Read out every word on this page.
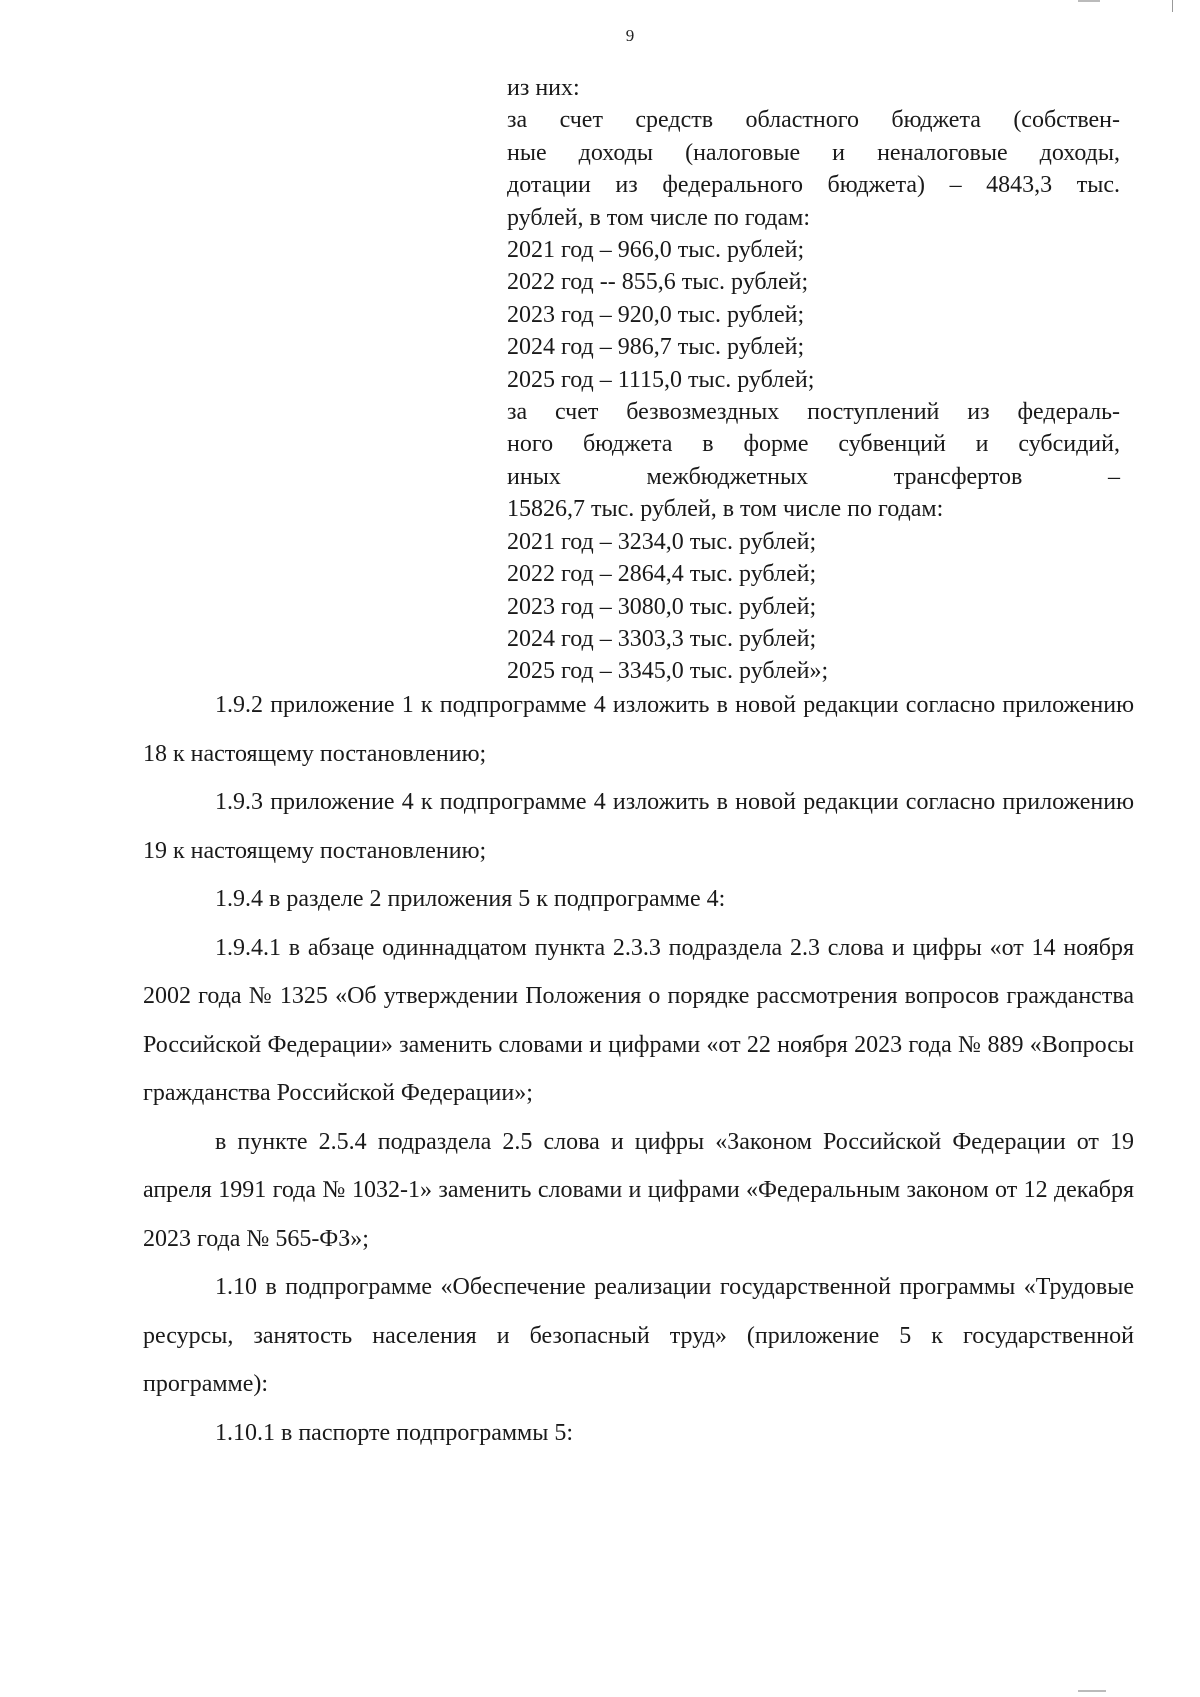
9
из них:
за счет средств областного бюджета (собствен-
ные доходы (налоговые и неналоговые доходы,
дотации из федерального бюджета) – 4843,3 тыс.
рублей, в том числе по годам:
2021 год – 966,0 тыс. рублей;
2022 год -- 855,6 тыс. рублей;
2023 год – 920,0 тыс. рублей;
2024 год – 986,7 тыс. рублей;
2025 год – 1115,0 тыс. рублей;
за счет безвозмездных поступлений из федераль-
ного бюджета в форме субвенций и субсидий,
иных межбюджетных трансфертов –
15826,7 тыс. рублей, в том числе по годам:
2021 год – 3234,0 тыс. рублей;
2022 год – 2864,4 тыс. рублей;
2023 год – 3080,0 тыс. рублей;
2024 год – 3303,3 тыс. рублей;
2025 год – 3345,0 тыс. рублей»;

1.9.2 приложение 1 к подпрограмме 4 изложить в новой редакции согласно приложению 18 к настоящему постановлению;

1.9.3 приложение 4 к подпрограмме 4 изложить в новой редакции согласно приложению 19 к настоящему постановлению;

1.9.4 в разделе 2 приложения 5 к подпрограмме 4:

1.9.4.1 в абзаце одиннадцатом пункта 2.3.3 подраздела 2.3 слова и цифры «от 14 ноября 2002 года № 1325 «Об утверждении Положения о порядке рассмотрения вопросов гражданства Российской Федерации» заменить словами и цифрами «от 22 ноября 2023 года № 889 «Вопросы гражданства Российской Федерации»;

в пункте 2.5.4 подраздела 2.5 слова и цифры «Законом Российской Федерации от 19 апреля 1991 года № 1032-1» заменить словами и цифрами «Федеральным законом от 12 декабря 2023 года № 565-ФЗ»;

1.10 в подпрограмме «Обеспечение реализации государственной программы «Трудовые ресурсы, занятость населения и безопасный труд» (приложение 5 к государственной программе):

1.10.1 в паспорте подпрограммы 5:
